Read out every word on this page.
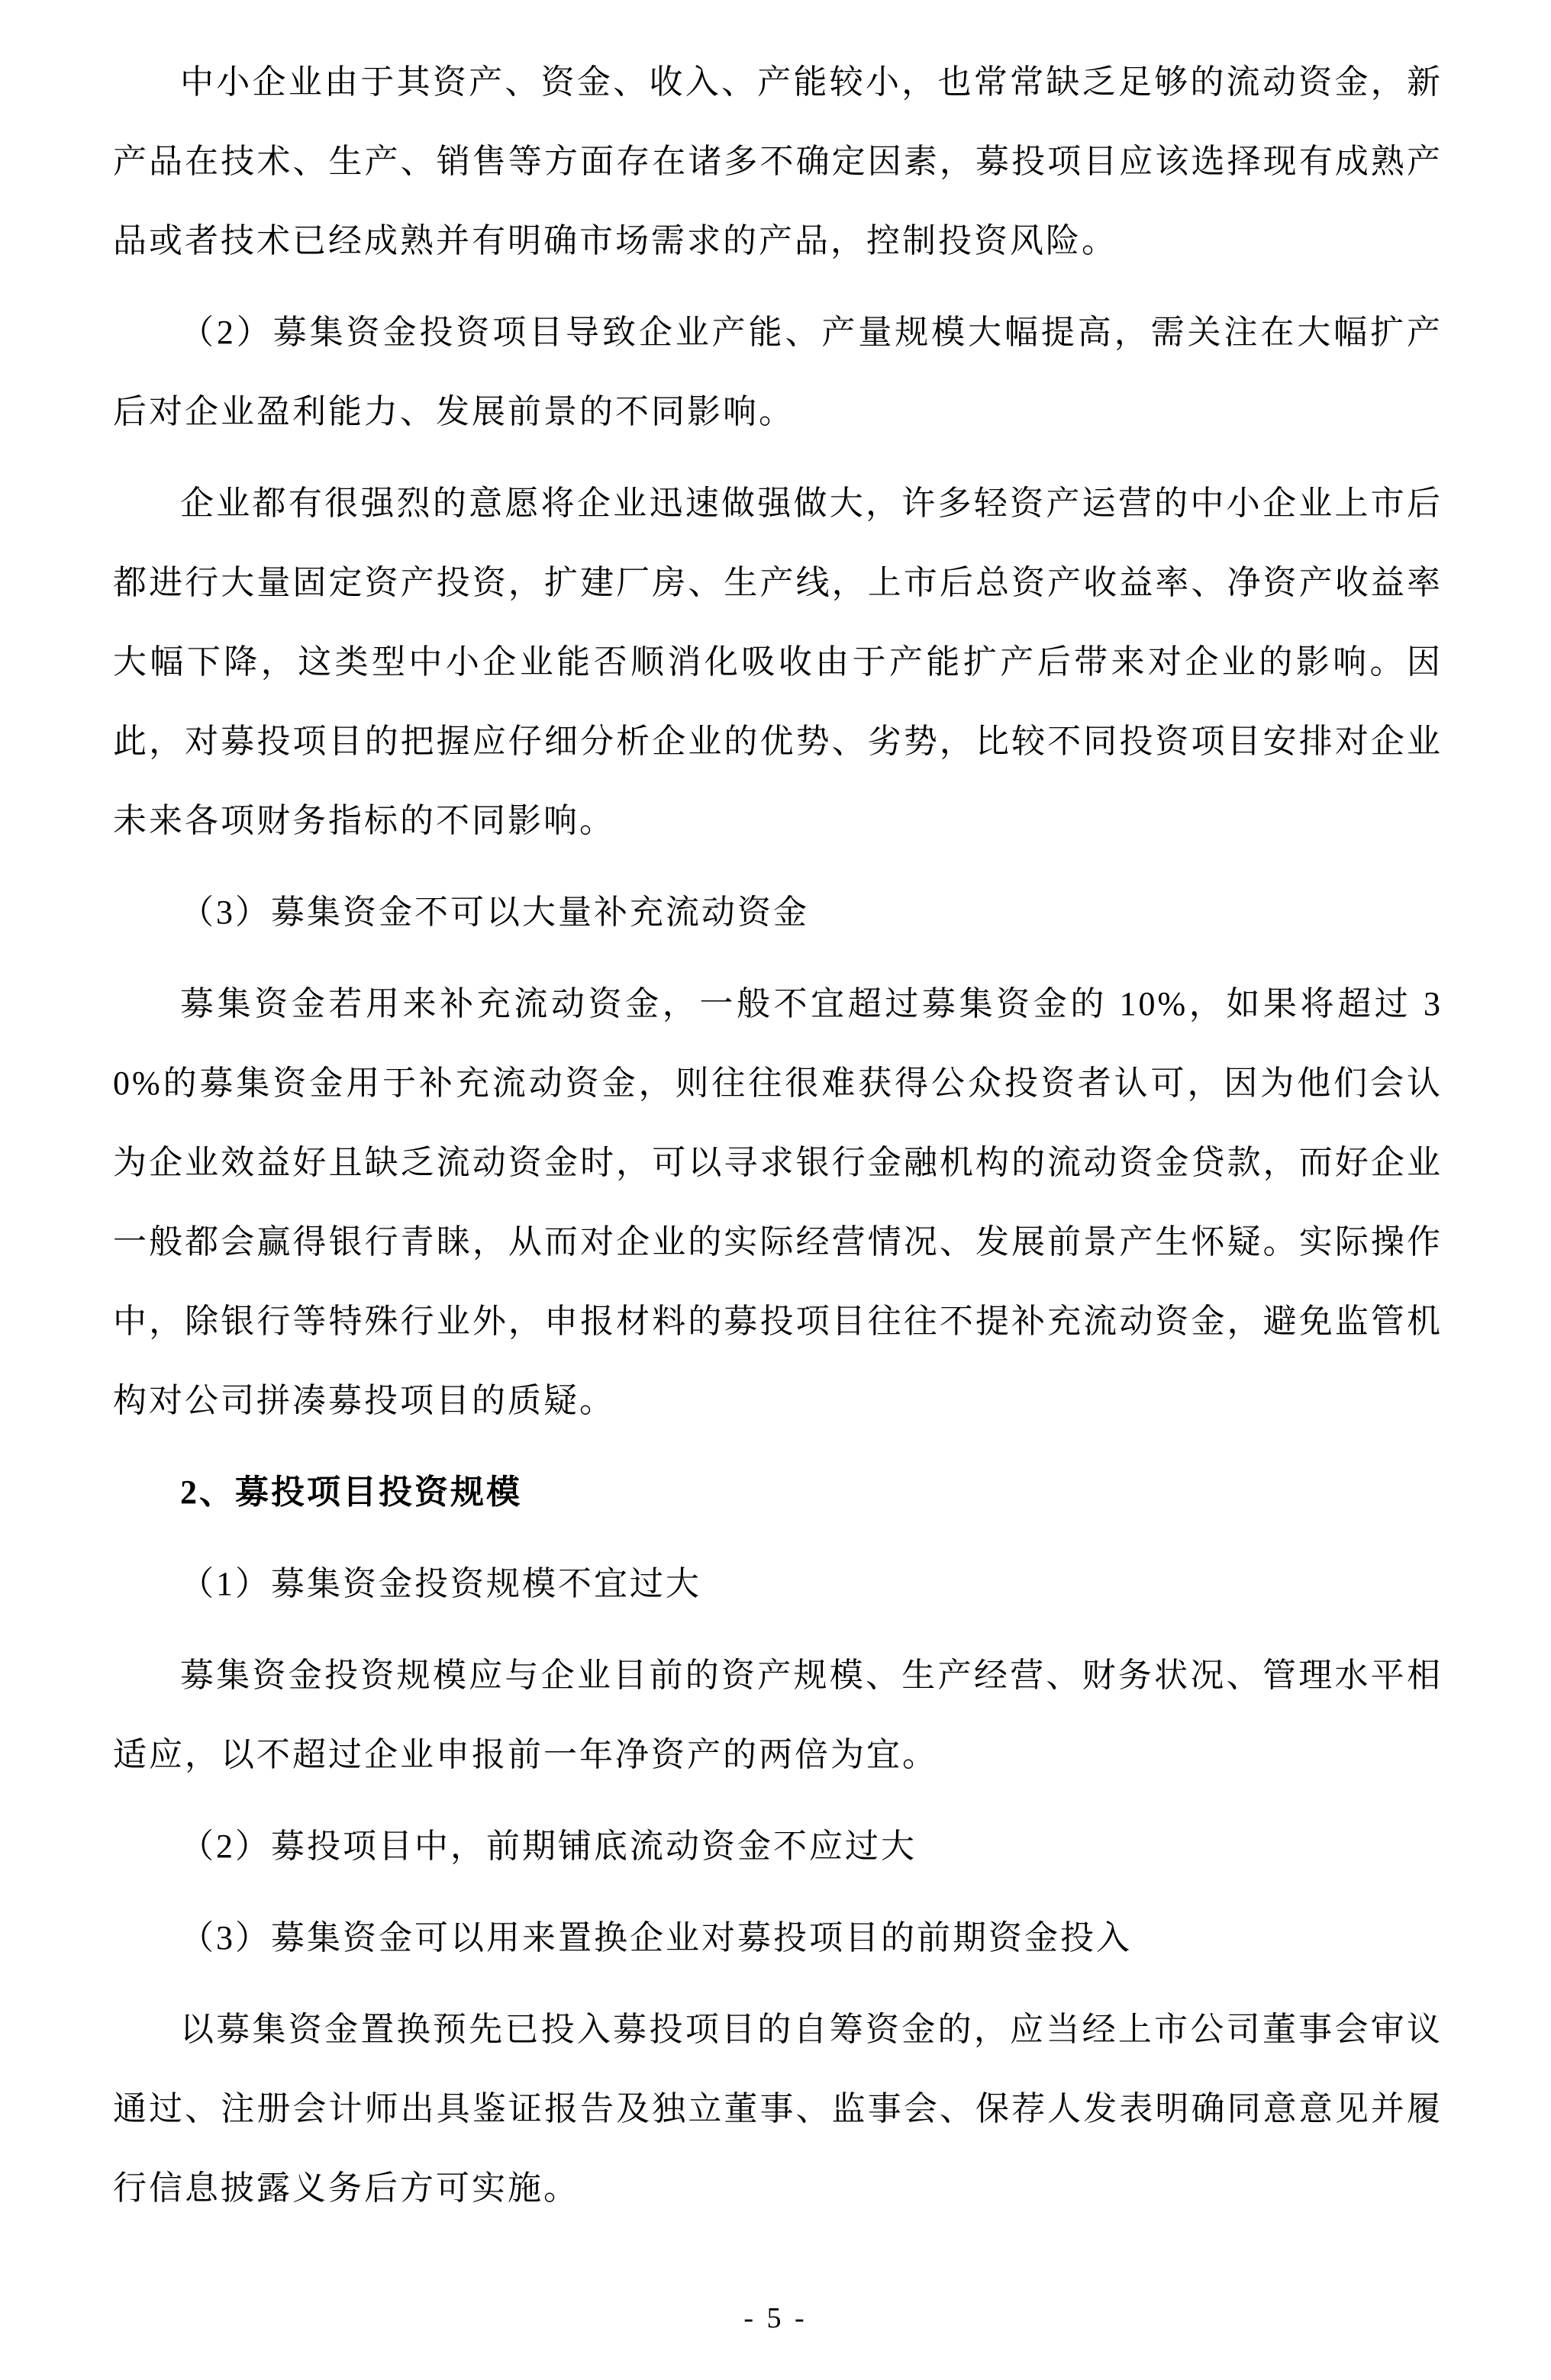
中小企业由于其资产、资金、收入、产能较小，也常常缺乏足够的流动资金，新产品在技术、生产、销售等方面存在诸多不确定因素，募投项目应该选择现有成熟产品或者技术已经成熟并有明确市场需求的产品，控制投资风险。

（2）募集资金投资项目导致企业产能、产量规模大幅提高，需关注在大幅扩产后对企业盈利能力、发展前景的不同影响。

企业都有很强烈的意愿将企业迅速做强做大，许多轻资产运营的中小企业上市后都进行大量固定资产投资，扩建厂房、生产线，上市后总资产收益率、净资产收益率大幅下降，这类型中小企业能否顺消化吸收由于产能扩产后带来对企业的影响。因此，对募投项目的把握应仔细分析企业的优势、劣势，比较不同投资项目安排对企业未来各项财务指标的不同影响。

（3）募集资金不可以大量补充流动资金

募集资金若用来补充流动资金，一般不宜超过募集资金的 10%，如果将超过 30%的募集资金用于补充流动资金，则往往很难获得公众投资者认可，因为他们会认为企业效益好且缺乏流动资金时，可以寻求银行金融机构的流动资金贷款，而好企业一般都会赢得银行青睐，从而对企业的实际经营情况、发展前景产生怀疑。实际操作中，除银行等特殊行业外，申报材料的募投项目往往不提补充流动资金，避免监管机构对公司拼凑募投项目的质疑。

2、募投项目投资规模

（1）募集资金投资规模不宜过大

募集资金投资规模应与企业目前的资产规模、生产经营、财务状况、管理水平相适应，以不超过企业申报前一年净资产的两倍为宜。

（2）募投项目中，前期铺底流动资金不应过大

（3）募集资金可以用来置换企业对募投项目的前期资金投入

以募集资金置换预先已投入募投项目的自筹资金的，应当经上市公司董事会审议通过、注册会计师出具鉴证报告及独立董事、监事会、保荐人发表明确同意意见并履行信息披露义务后方可实施。

- 5 -
